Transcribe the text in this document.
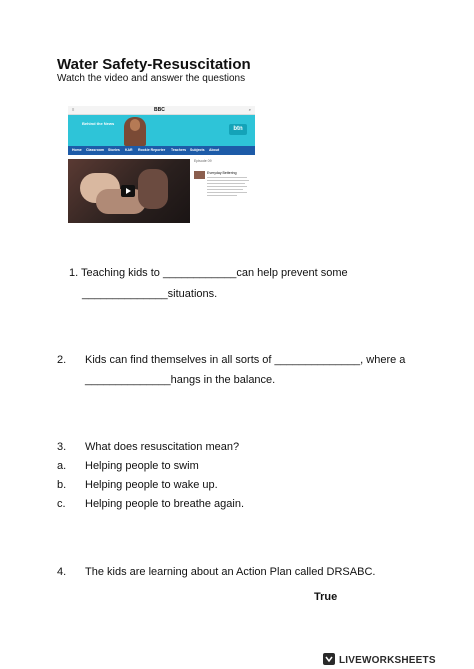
Water Safety-Resuscitation
Watch the video and answer the questions
≡	BBC	⌕
Behind the News
btn
Home Classroom Stories KAR Rookie Reporter Teachers Subjects About
Episode 09
Everyday Bettering
1. Teaching kids to ____________can help prevent some
______________situations.
2. Kids can find themselves in all sorts of ______________, where a
______________hangs in the balance.
3. What does resuscitation mean?
a. Helping people to swim
b. Helping people to wake up.
c. Helping people to breathe again.
4. The kids are learning about an Action Plan called DRSABC.
True
LIVEWORKSHEETS
